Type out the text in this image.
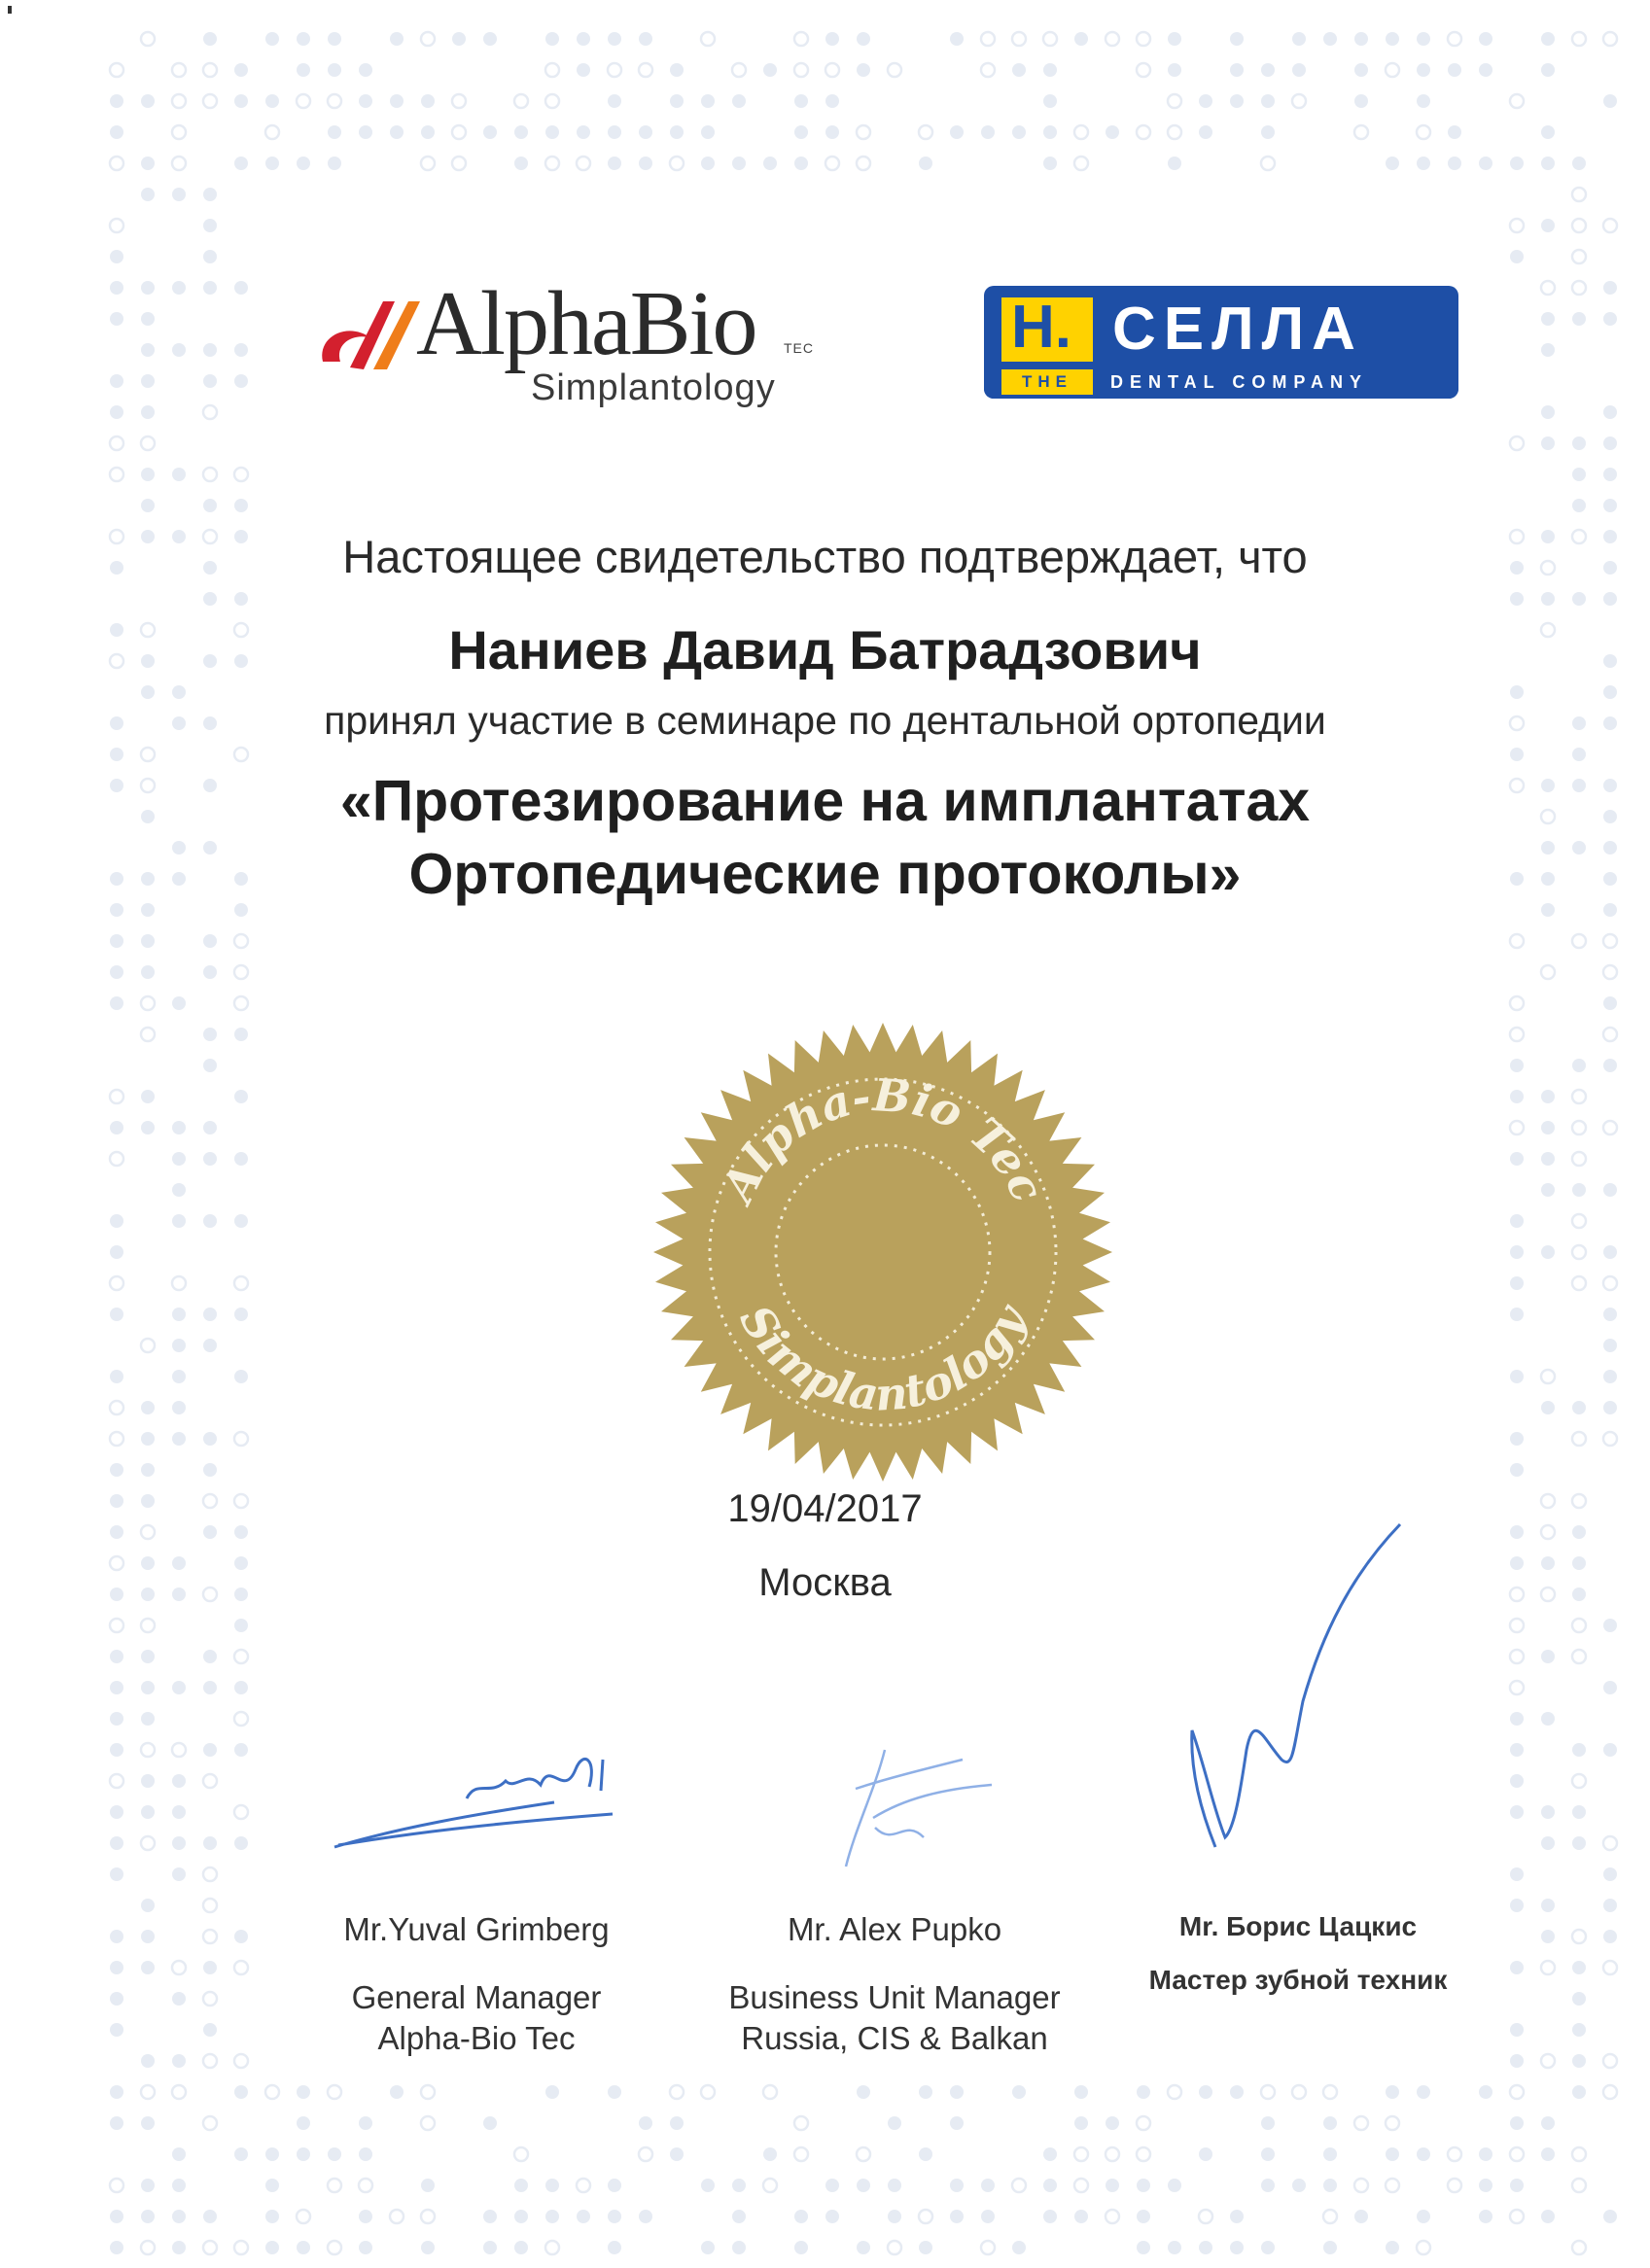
AlphaBio TEC
Simplantology
H. СЕЛЛА
THE	DENTAL COMPANY
Настоящее свидетельство подтверждает, что
Наниев Давид Батрадзович
принял участие в семинаре по дентальной ортопедии
«Протезирование на имплантатах
Ортопедические протоколы»
Alpha-Bio Tec
Simplantology
19/04/2017
Москва
Mr.Yuval Grimberg
General Manager
Alpha-Bio Tec
Mr. Alex Pupko
Business Unit Manager
Russia, CIS & Balkan
Mr. Борис Цацкис
Мастер зубной техник
